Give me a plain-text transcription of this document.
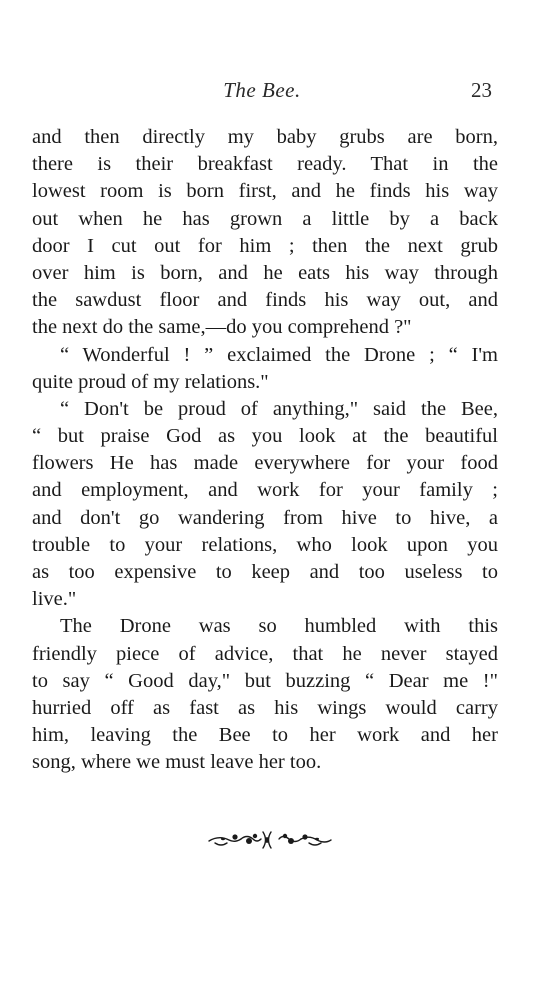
The Bee.	23
and then directly my baby grubs are born,
there is their breakfast ready. That in the
lowest room is born first, and he finds his way
out when he has grown a little by a back
door I cut out for him ; then the next grub
over him is born, and he eats his way through
the sawdust floor and finds his way out, and
the next do the same,—do you comprehend ?"
“ Wonderful ! ” exclaimed the Drone ; “ I'm
quite proud of my relations."
“ Don't be proud of anything," said the Bee,
“ but praise God as you look at the beautiful
flowers He has made everywhere for your food
and employment, and work for your family ;
and don't go wandering from hive to hive, a
trouble to your relations, who look upon you
as too expensive to keep and too useless to
live."
The Drone was so humbled with this
friendly piece of advice, that he never stayed
to say “ Good day," but buzzing “ Dear me !"
hurried off as fast as his wings would carry
him, leaving the Bee to her work and her
song, where we must leave her too.
